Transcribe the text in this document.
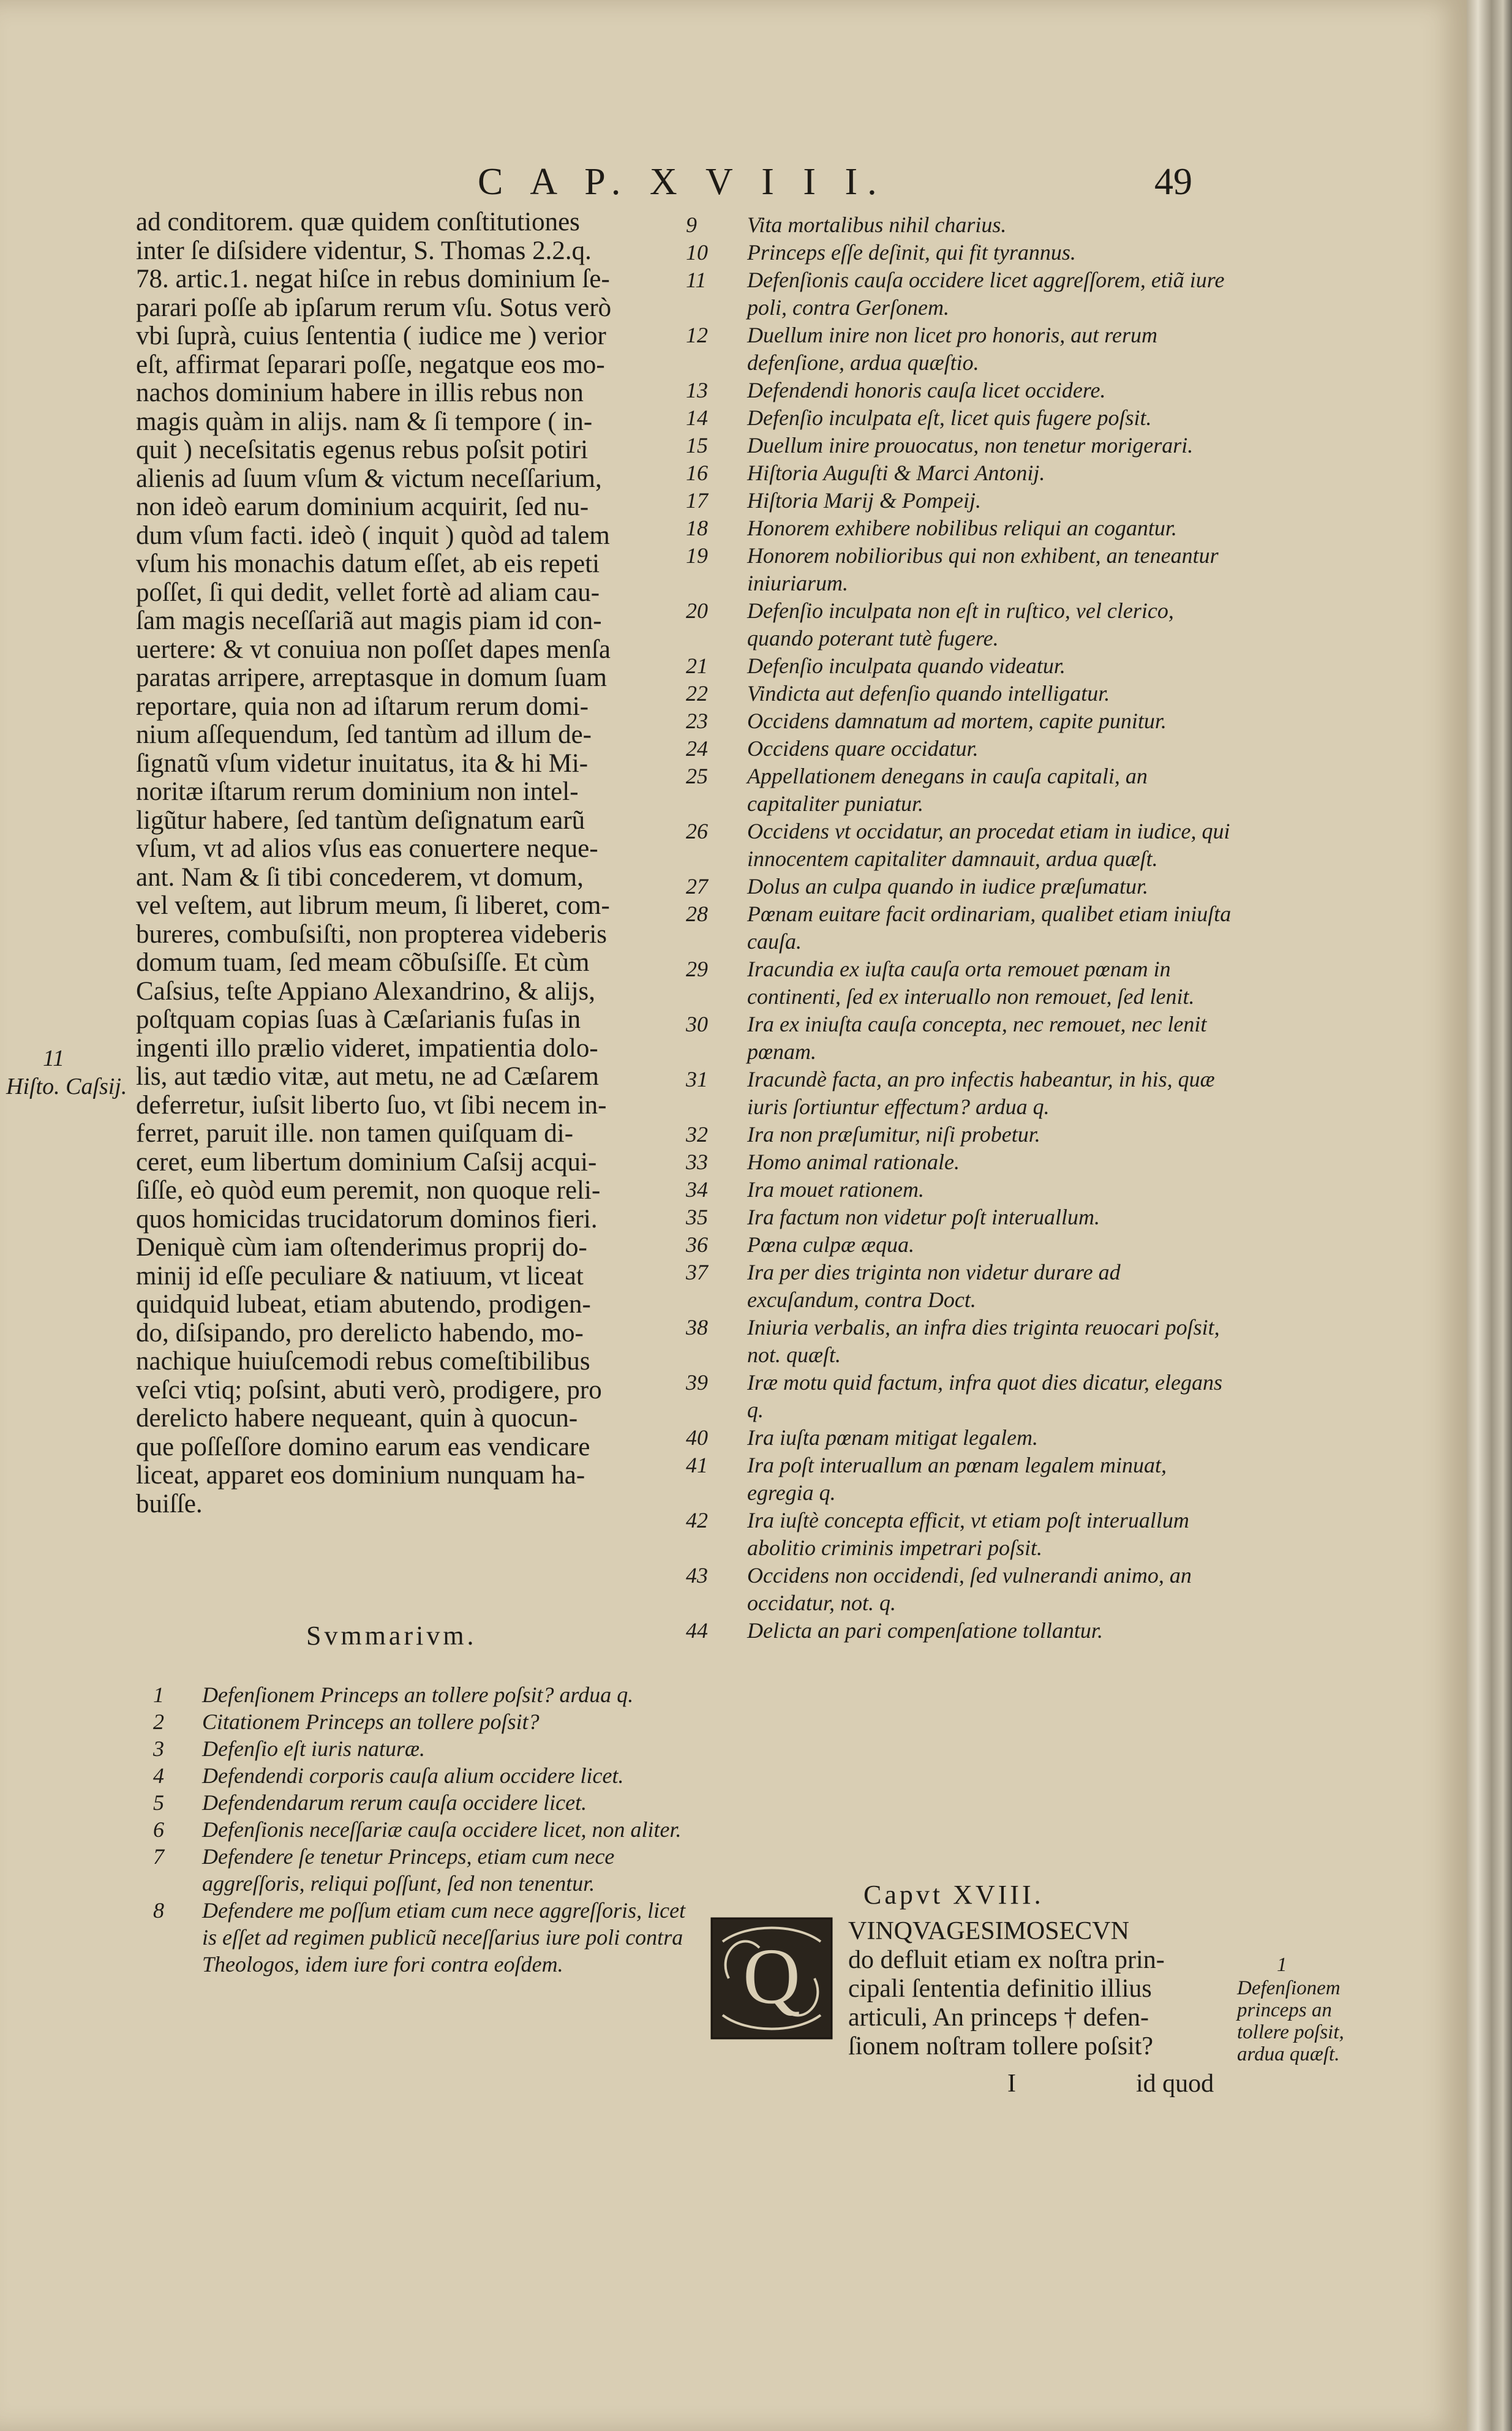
C A P. X V I I I.	49

ad conditorem. quæ quidem conſtitutiones

inter ſe diſsidere videntur, S. Thomas 2.2.q.

78. artic.1. negat hiſce in rebus dominium ſe-

parari poſſe ab ipſarum rerum vſu. Sotus verò

vbi ſuprà, cuius ſententia ( iudice me ) verior

eſt, affirmat ſeparari poſſe, negatque eos mo-

nachos dominium habere in illis rebus non

magis quàm in alijs. nam & ſi tempore ( in-

quit ) neceſsitatis egenus rebus poſsit potiri

alienis ad ſuum vſum & victum neceſſarium,

non ideò earum dominium acquirit, ſed nu-

dum vſum facti. ideò ( inquit ) quòd ad talem

vſum his monachis datum eſſet, ab eis repeti

poſſet, ſi qui dedit, vellet fortè ad aliam cau-

ſam magis neceſſariã aut magis piam id con-

uertere: & vt conuiua non poſſet dapes menſa

paratas arripere, arreptasque in domum ſuam

reportare, quia non ad iſtarum rerum domi-

nium aſſequendum, ſed tantùm ad illum de-

ſignatũ vſum videtur inuitatus, ita & hi Mi-

noritæ iſtarum rerum dominium non intel-

ligũtur habere, ſed tantùm deſignatum earũ

vſum, vt ad alios vſus eas conuertere neque-

ant. Nam & ſi tibi concederem, vt domum,

vel veſtem, aut librum meum, ſi liberet, com-

bureres, combuſsiſti, non propterea videberis

domum tuam, ſed meam cõbuſsiſſe. Et cùm

Caſsius, teſte Appiano Alexandrino, & alijs,

poſtquam copias ſuas à Cæſarianis fuſas in

ingenti illo prælio videret, impatientia dolo-

lis, aut tædio vitæ, aut metu, ne ad Cæſarem

deferretur, iuſsit liberto ſuo, vt ſibi necem in-

ferret, paruit ille. non tamen quiſquam di-

ceret, eum libertum dominium Caſsij acqui-

ſiſſe, eò quòd eum peremit, non quoque reli-

quos homicidas trucidatorum dominos fieri.

Deniquè cùm iam oſtenderimus proprij do-

minij id eſſe peculiare & natiuum, vt liceat

quidquid lubeat, etiam abutendo, prodigen-

do, diſsipando, pro derelicto habendo, mo-

nachique huiuſcemodi rebus comeſtibilibus

veſci vtiq; poſsint, abuti verò, prodigere, pro

derelicto habere nequeant, quin à quocun-

que poſſeſſore domino earum eas vendicare

liceat, apparet eos dominium nunquam ha-

buiſſe.

11
Hiſto. Caſsij.
Svmmarivm.
1 Defenſionem Princeps an tollere poſsit? ardua q.
2 Citationem Princeps an tollere poſsit?
3 Defenſio eſt iuris naturæ.
4 Defendendi corporis cauſa alium occidere licet.
5 Defendendarum rerum cauſa occidere licet.
6 Defenſionis neceſſariæ cauſa occidere licet, non aliter.
7 Defendere ſe tenetur Princeps, etiam cum nece aggreſſoris, reliqui poſſunt, ſed non tenentur.
8 Defendere me poſſum etiam cum nece aggreſſoris, licet is eſſet ad regimen publicũ neceſſarius iure poli contra Theologos, idem iure fori contra eoſdem.
9 Vita mortalibus nihil charius.
10 Princeps eſſe deſinit, qui fit tyrannus.
11 Defenſionis cauſa occidere licet aggreſſorem, etiã iure poli, contra Gerſonem.
12 Duellum inire non licet pro honoris, aut rerum defenſione, ardua quæſtio.
13 Defendendi honoris cauſa licet occidere.
14 Defenſio inculpata eſt, licet quis fugere poſsit.
15 Duellum inire prouocatus, non tenetur morigerari.
16 Hiſtoria Auguſti & Marci Antonij.
17 Hiſtoria Marij & Pompeij.
18 Honorem exhibere nobilibus reliqui an cogantur.
19 Honorem nobilioribus qui non exhibent, an teneantur iniuriarum.
20 Defenſio inculpata non eſt in ruſtico, vel clerico, quando poterant tutè fugere.
21 Defenſio inculpata quando videatur.
22 Vindicta aut defenſio quando intelligatur.
23 Occidens damnatum ad mortem, capite punitur.
24 Occidens quare occidatur.
25 Appellationem denegans in cauſa capitali, an capitaliter puniatur.
26 Occidens vt occidatur, an procedat etiam in iudice, qui innocentem capitaliter damnauit, ardua quæſt.
27 Dolus an culpa quando in iudice præſumatur.
28 Pœnam euitare facit ordinariam, qualibet etiam iniuſta cauſa.
29 Iracundia ex iuſta cauſa orta remouet pœnam in continenti, ſed ex interuallo non remouet, ſed lenit.
30 Ira ex iniuſta cauſa concepta, nec remouet, nec lenit pœnam.
31 Iracundè facta, an pro infectis habeantur, in his, quæ iuris ſortiuntur effectum? ardua q.
32 Ira non præſumitur, niſi probetur.
33 Homo animal rationale.
34 Ira mouet rationem.
35 Ira factum non videtur poſt interuallum.
36 Pœna culpæ æqua.
37 Ira per dies triginta non videtur durare ad excuſandum, contra Doct.
38 Iniuria verbalis, an infra dies triginta reuocari poſsit, not. quæſt.
39 Iræ motu quid factum, infra quot dies dicatur, elegans q.
40 Ira iuſta pœnam mitigat legalem.
41 Ira poſt interuallum an pœnam legalem minuat, egregia q.
42 Ira iuſtè concepta efficit, vt etiam poſt interuallum abolitio criminis impetrari poſsit.
43 Occidens non occidendi, ſed vulnerandi animo, an occidatur, not. q.
44 Delicta an pari compenſatione tollantur.
Capvt XVIII.
Q

VINQVAGESIMOSECVN

do defluit etiam ex noſtra prin-

cipali ſententia definitio illius

articuli, An princeps † defen-

ſionem noſtram tollere poſsit?

1
Defenſionem princeps an tollere poſsit, ardua quæſt.
I	id quod
